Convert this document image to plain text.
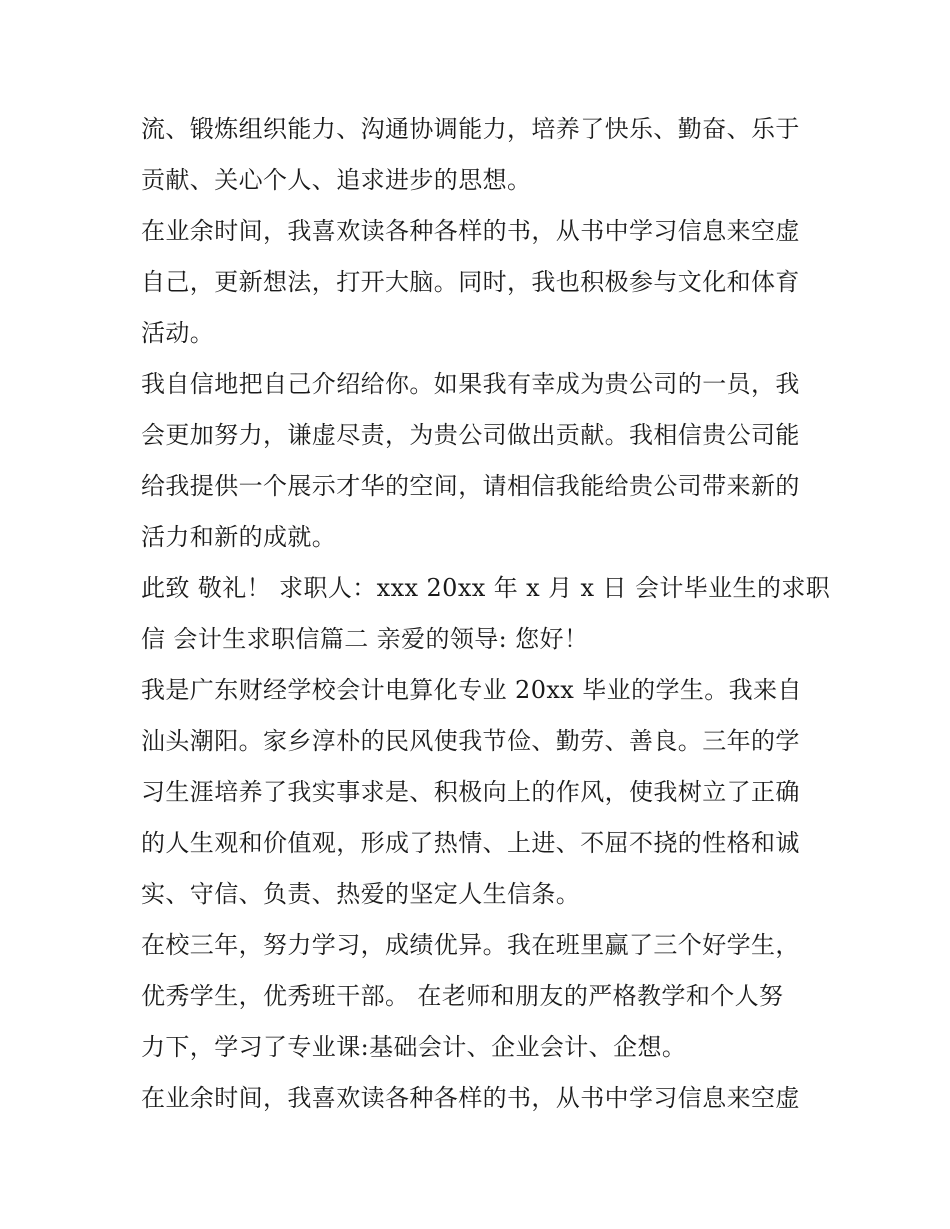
流、锻炼组织能力、沟通协调能力，培养了快乐、勤奋、乐于
贡献、关心个人、追求进步的思想。
在业余时间，我喜欢读各种各样的书，从书中学习信息来空虚
自己，更新想法，打开大脑。同时，我也积极参与文化和体育
活动。
我自信地把自己介绍给你。如果我有幸成为贵公司的一员，我
会更加努力，谦虚尽责，为贵公司做出贡献。我相信贵公司能
给我提供一个展示才华的空间，请相信我能给贵公司带来新的
活力和新的成就。
此致 敬礼！ 求职人：xxx 20xx 年 x 月 x 日 会计毕业生的求职
信 会计生求职信篇二 亲爱的领导: 您好！
我是广东财经学校会计电算化专业 20xx 毕业的学生。我来自
汕头潮阳。家乡淳朴的民风使我节俭、勤劳、善良。三年的学
习生涯培养了我实事求是、积极向上的作风，使我树立了正确
的人生观和价值观，形成了热情、上进、不屈不挠的性格和诚
实、守信、负责、热爱的坚定人生信条。
在校三年，努力学习，成绩优异。我在班里赢了三个好学生，
优秀学生，优秀班干部。 在老师和朋友的严格教学和个人努
力下，学习了专业课:基础会计、企业会计、企想。
在业余时间，我喜欢读各种各样的书，从书中学习信息来空虚
